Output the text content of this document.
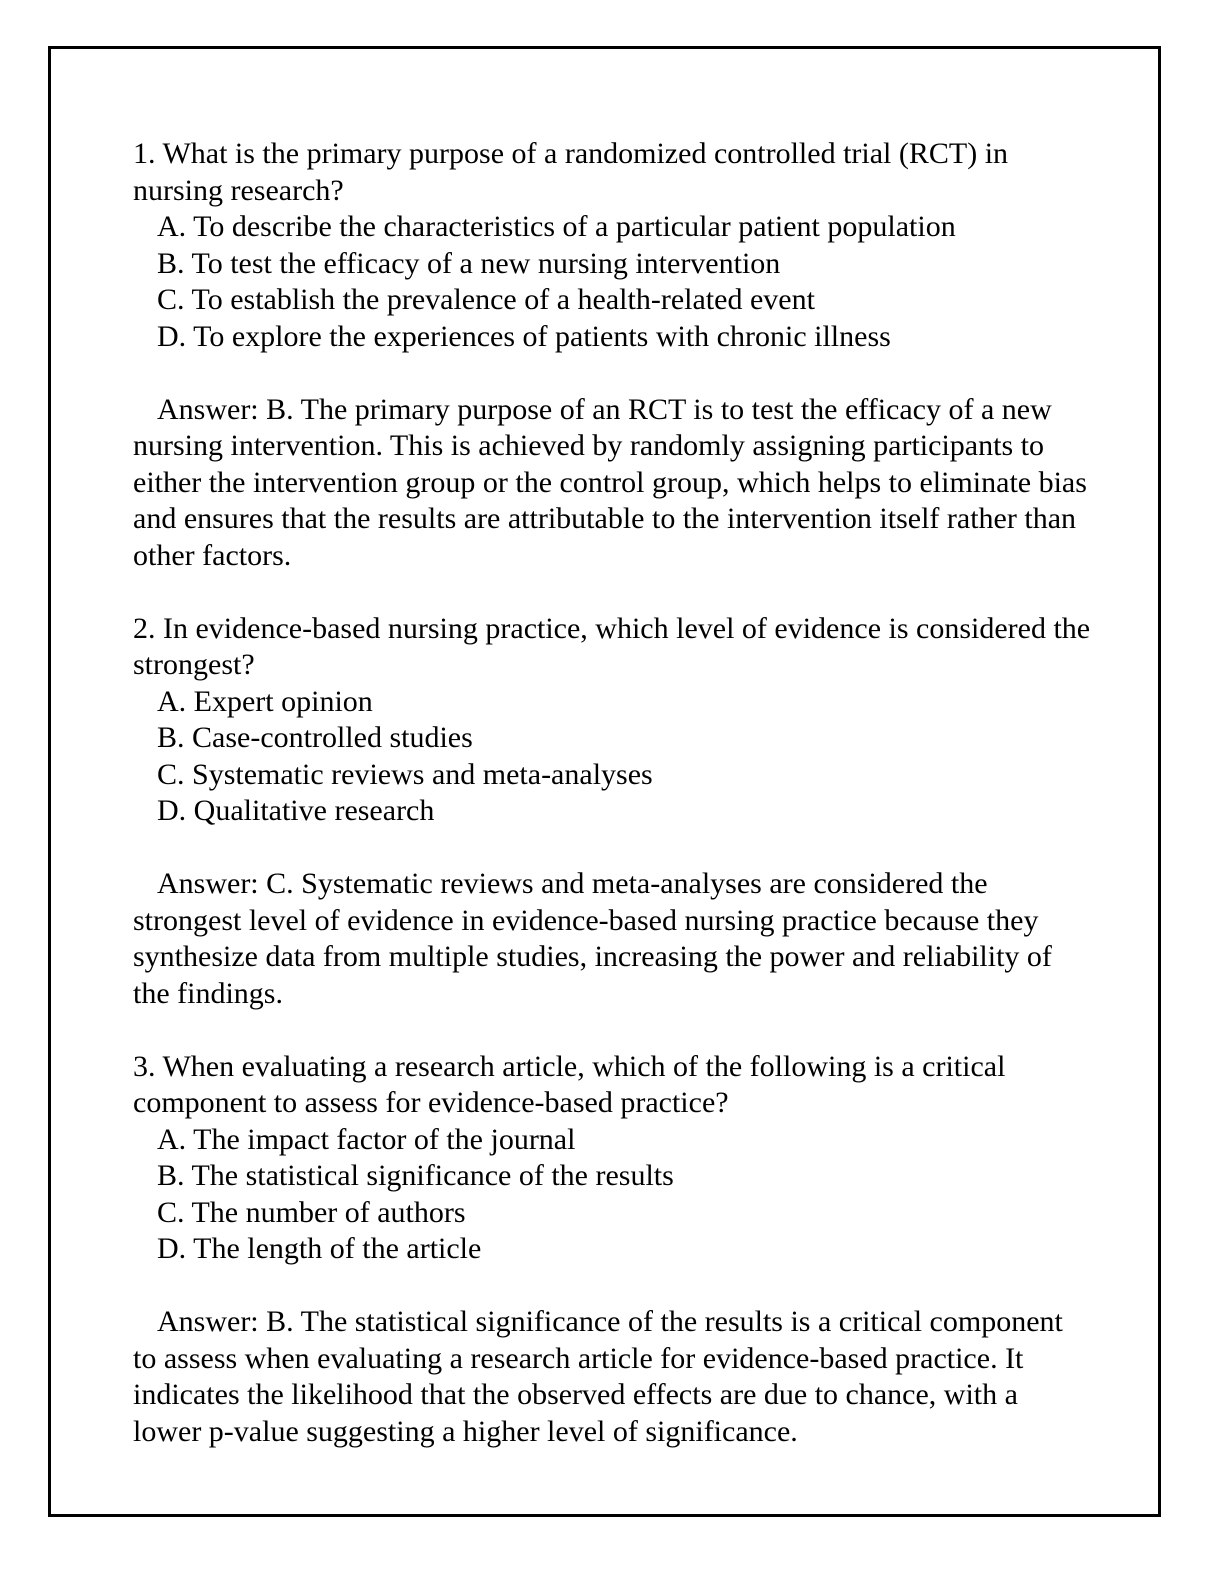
1. What is the primary purpose of a randomized controlled trial (RCT) in nursing research?

A. To describe the characteristics of a particular patient population
B. To test the efficacy of a new nursing intervention
C. To establish the prevalence of a health-related event
D. To explore the experiences of patients with chronic illness

Answer: B. The primary purpose of an RCT is to test the efficacy of a new nursing intervention. This is achieved by randomly assigning participants to either the intervention group or the control group, which helps to eliminate bias and ensures that the results are attributable to the intervention itself rather than other factors.

2. In evidence-based nursing practice, which level of evidence is considered the strongest?

A. Expert opinion
B. Case-controlled studies
C. Systematic reviews and meta-analyses
D. Qualitative research

Answer: C. Systematic reviews and meta-analyses are considered the strongest level of evidence in evidence-based nursing practice because they synthesize data from multiple studies, increasing the power and reliability of the findings.

3. When evaluating a research article, which of the following is a critical component to assess for evidence-based practice?

A. The impact factor of the journal
B. The statistical significance of the results
C. The number of authors
D. The length of the article

Answer: B. The statistical significance of the results is a critical component to assess when evaluating a research article for evidence-based practice. It indicates the likelihood that the observed effects are due to chance, with a lower p-value suggesting a higher level of significance.
